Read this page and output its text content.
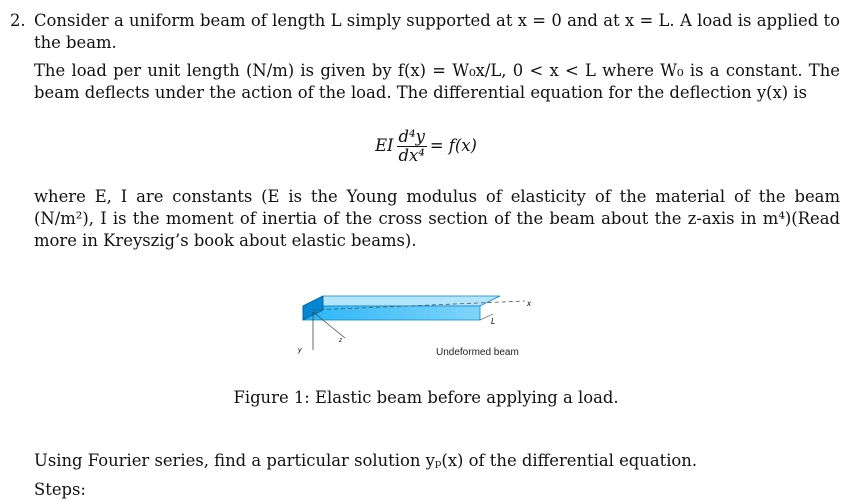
2. Consider a uniform beam of length L simply supported at x = 0 and at x = L. A load is applied to the beam.
The load per unit length (N/m) is given by f(x) = W₀x/L, 0 < x < L where W₀ is a constant. The beam deflects under the action of the load. The differential equation for the deflection y(x) is
EI $\frac{\text{d⁴y}}{\text{dx⁴}} = f(x)$
where E, I are constants (E is the Young modulus of elasticity of the material of the beam (N/m²), I is the moment of inertia of the cross section of the beam about the z-axis in m⁴)(Read more in Kreyszig’s book about elastic beams).
x
L
z
y	Undeformed beam
Figure 1: Elastic beam before applying a load.
Using Fourier series, find a particular solution yₚ(x) of the differential equation.
Steps:
